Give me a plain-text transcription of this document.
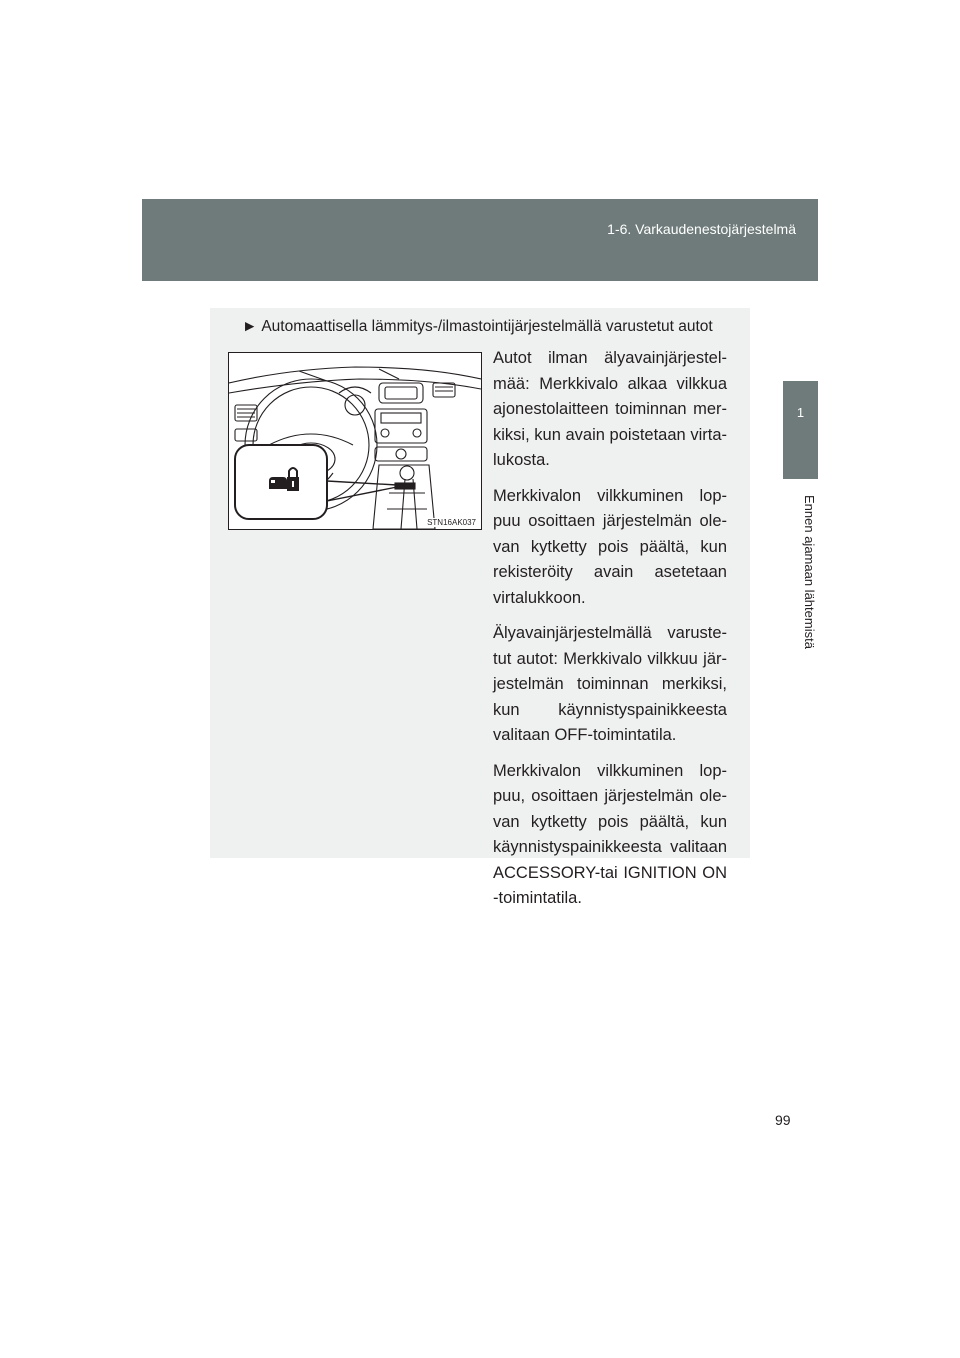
1-6. Varkaudenestojärjestelmä
1
Ennen ajamaan lähtemistä
► Automaattisella lämmitys-/ilmastointijärjestelmällä varustetut autot
STN16AK037

Autot ilman älyavainjärjestel-mää: Merkkivalo alkaa vilkkua ajonestolaitteen toiminnan mer-kiksi, kun avain poistetaan virta-lukosta.

Merkkivalon vilkkuminen lop-puu osoittaen järjestelmän ole-van kytketty pois päältä, kun rekisteröity avain asetetaan virtalukkoon.

Älyavainjärjestelmällä varuste-tut autot: Merkkivalo vilkkuu jär-jestelmän toiminnan merkiksi, kun käynnistyspainikkeesta valitaan OFF-toimintatila.

Merkkivalon vilkkuminen lop-puu, osoittaen järjestelmän ole-van kytketty pois päältä, kun käynnistyspainikkeesta valitaan ACCESSORY-tai IGNITION ON -toimintatila.

99
